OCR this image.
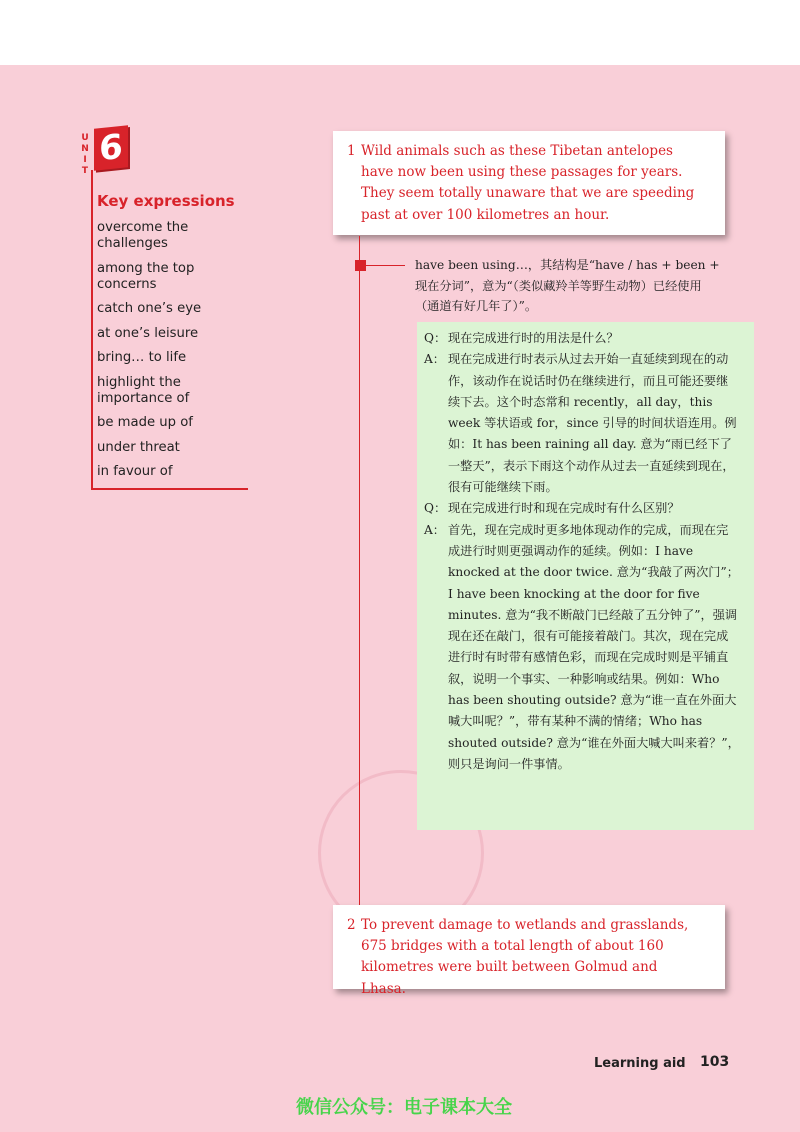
U
N
I
T
6
Key expressions
overcome the challenges
among the top concerns
catch one’s eye
at one’s leisure
bring… to life
highlight the importance of
be made up of
under threat
in favour of
1 Wild animals such as these Tibetan antelopes have now been using these passages for years. They seem totally unaware that we are speeding past at over 100 kilometres an hour.
have been using…，其结构是“have / has + been + 现在分词”，意为“（类似藏羚羊等野生动物）已经使用（通道有好几年了）”。
Q： 现在完成进行时的用法是什么？
A： 现在完成进行时表示从过去开始一直延续到现在的动作，该动作在说话时仍在继续进行，而且可能还要继续下去。这个时态常和 recently，all day，this week 等状语或 for，since 引导的时间状语连用。例如：It has been raining all day. 意为“雨已经下了一整天”，表示下雨这个动作从过去一直延续到现在，很有可能继续下雨。
Q： 现在完成进行时和现在完成时有什么区别？
A： 首先，现在完成时更多地体现动作的完成，而现在完成进行时则更强调动作的延续。例如：I have knocked at the door twice. 意为“我敲了两次门”；I have been knocking at the door for five minutes. 意为“我不断敲门已经敲了五分钟了”，强调现在还在敲门，很有可能接着敲门。其次，现在完成进行时有时带有感情色彩，而现在完成时则是平铺直叙，说明一个事实、一种影响或结果。例如：Who has been shouting outside? 意为“谁一直在外面大喊大叫呢？”，带有某种不满的情绪；Who has shouted outside? 意为“谁在外面大喊大叫来着？”，则只是询问一件事情。
2 To prevent damage to wetlands and grasslands, 675 bridges with a total length of about 160 kilometres were built between Golmud and Lhasa.
Learning aid 103
微信公众号：电子课本大全
